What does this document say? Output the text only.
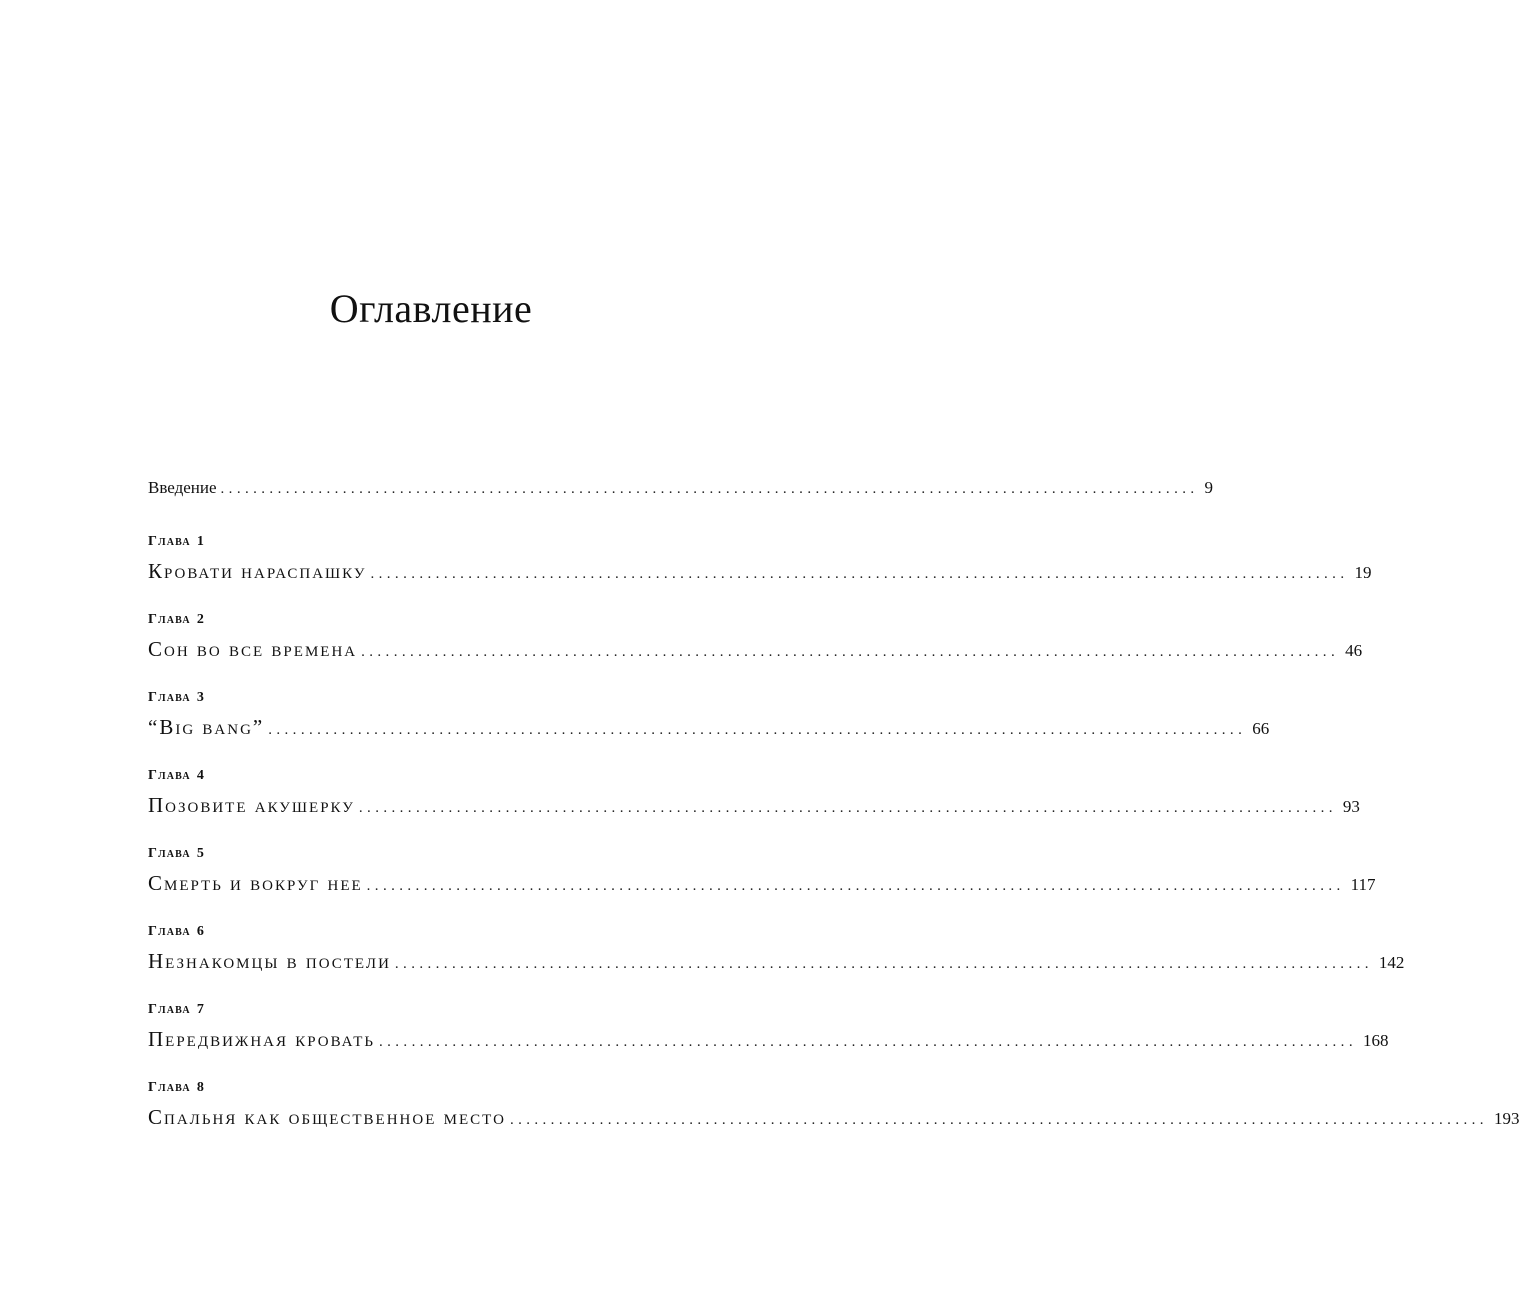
Оглавление
Введение ........................................................................................................................ 9
Глава 1
Кровати нараспашку ........................................................................................................................ 19
Глава 2
Сон во все времена ........................................................................................................................ 46
Глава 3
“Big bang” ........................................................................................................................ 66
Глава 4
Позовите акушерку ........................................................................................................................ 93
Глава 5
Смерть и вокруг нее ........................................................................................................................ 117
Глава 6
Незнакомцы в постели ........................................................................................................................ 142
Глава 7
Передвижная кровать ........................................................................................................................ 168
Глава 8
Спальня как общественное место ........................................................................................................................ 193
